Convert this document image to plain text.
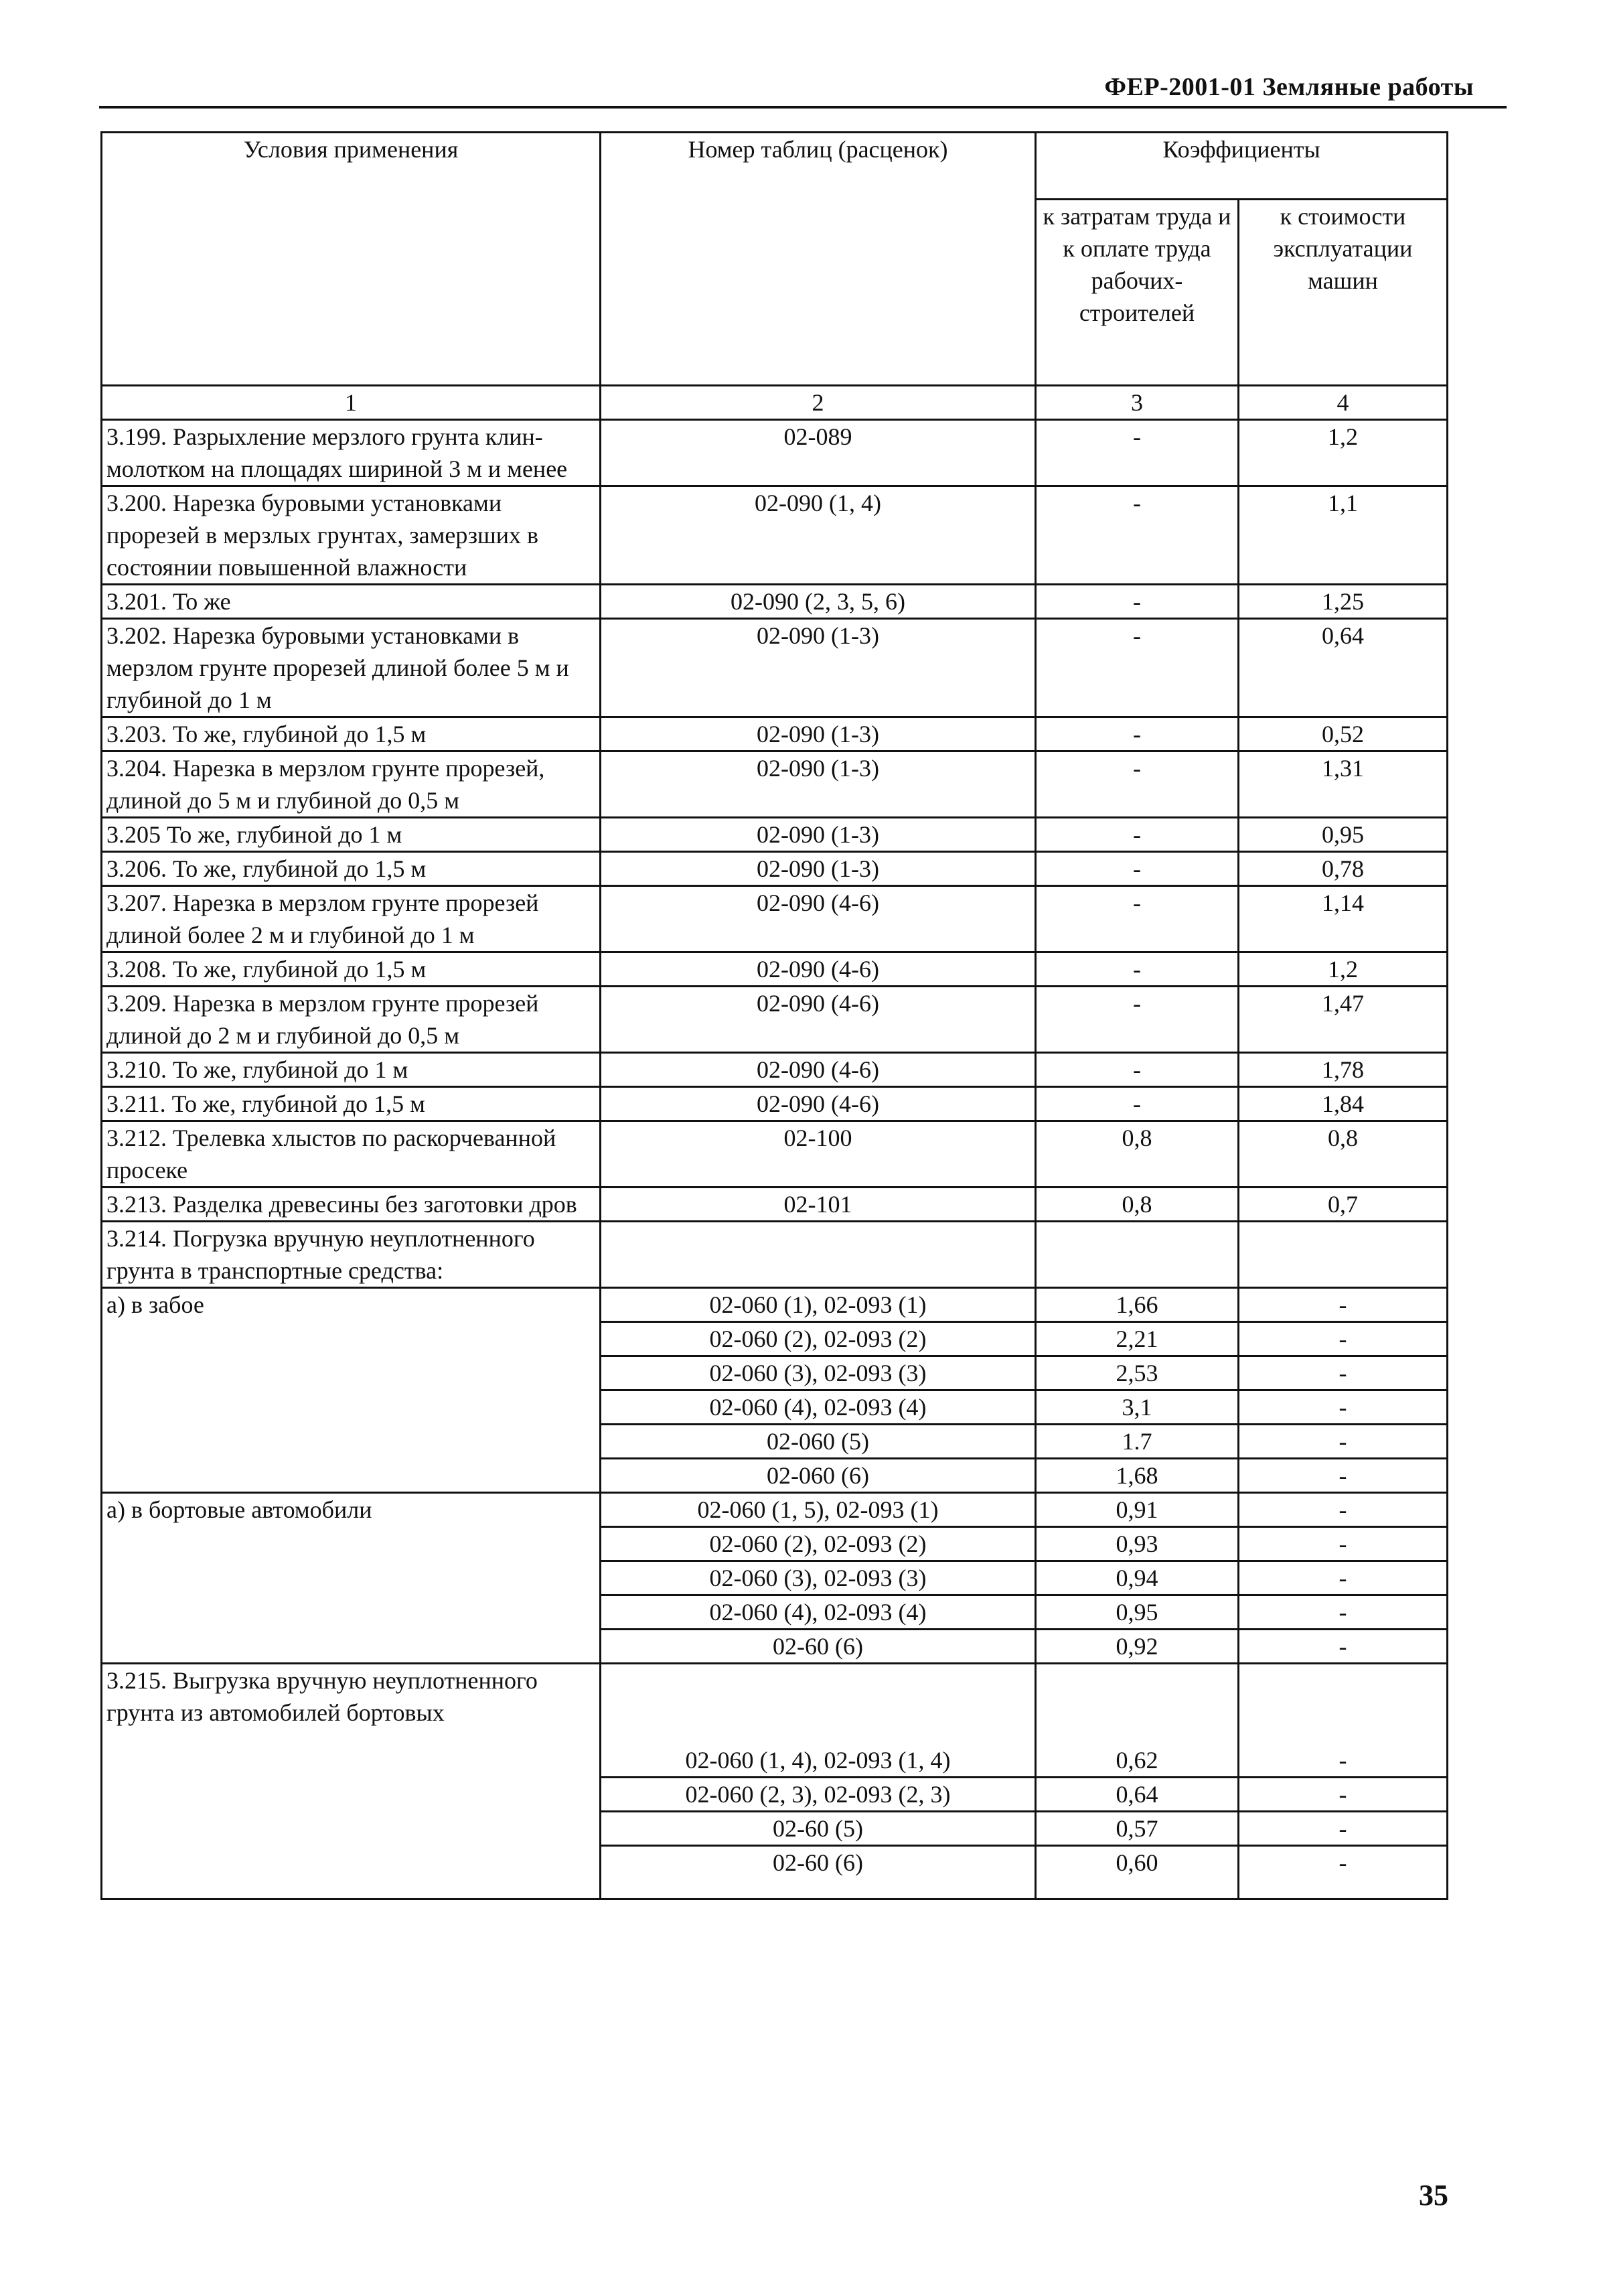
ФЕР-2001-01 Земляные работы
Условия применения	Номер таблиц (расценок)	Коэффициенты	
		к затратам труда и к оплате труда рабочих-строителей	к стоимости эксплуатации машин
1	2	3	4
3.199. Разрыхление мерзлого грунта клин-молотком на площадях шириной 3 м и менее	02-089	-	1,2
3.200. Нарезка буровыми установками прорезей в мерзлых грунтах, замерзших в состоянии повышенной влажности	02-090 (1, 4)	-	1,1
3.201. То же	02-090 (2, 3, 5, 6)	-	1,25
3.202. Нарезка буровыми установками в мерзлом грунте прорезей длиной более 5 м и глубиной до 1 м	02-090 (1-3)	-	0,64
3.203. То же, глубиной до 1,5 м	02-090 (1-3)	-	0,52
3.204. Нарезка в мерзлом грунте прорезей, длиной до 5 м и глубиной до 0,5 м	02-090 (1-3)	-	1,31
3.205 То же, глубиной до 1 м	02-090 (1-3)	-	0,95
3.206. То же, глубиной до 1,5 м	02-090 (1-3)	-	0,78
3.207. Нарезка в мерзлом грунте прорезей длиной более 2 м и глубиной до 1 м	02-090 (4-6)	-	1,14
3.208. То же, глубиной до 1,5 м	02-090 (4-6)	-	1,2
3.209. Нарезка в мерзлом грунте прорезей длиной до 2 м и глубиной до 0,5 м	02-090 (4-6)	-	1,47
3.210. То же, глубиной до 1 м	02-090 (4-6)	-	1,78
3.211. То же, глубиной до 1,5 м	02-090 (4-6)	-	1,84
3.212. Трелевка хлыстов по раскорчеванной просеке	02-100	0,8	0,8
3.213. Разделка древесины без заготовки дров	02-101	0,8	0,7
3.214. Погрузка вручную неуплотненного грунта в транспортные средства:			
а) в забое	02-060 (1), 02-093 (1)	1,66	-
	02-060 (2), 02-093 (2)	2,21	-
	02-060 (3), 02-093 (3)	2,53	-
	02-060 (4), 02-093 (4)	3,1	-
	02-060 (5)	1.7	-
	02-060 (6)	1,68	-
а) в бортовые автомобили	02-060 (1, 5), 02-093 (1)	0,91	-
	02-060 (2), 02-093 (2)	0,93	-
	02-060 (3), 02-093 (3)	0,94	-
	02-060 (4), 02-093 (4)	0,95	-
	02-60 (6)	0,92	-
3.215. Выгрузка вручную неуплотненного грунта из автомобилей бортовых	02-060 (1, 4), 02-093 (1, 4)	0,62	-
	02-060 (2, 3), 02-093 (2, 3)	0,64	-
	02-60 (5)	0,57	-
	02-60 (6)	0,60	-
35
